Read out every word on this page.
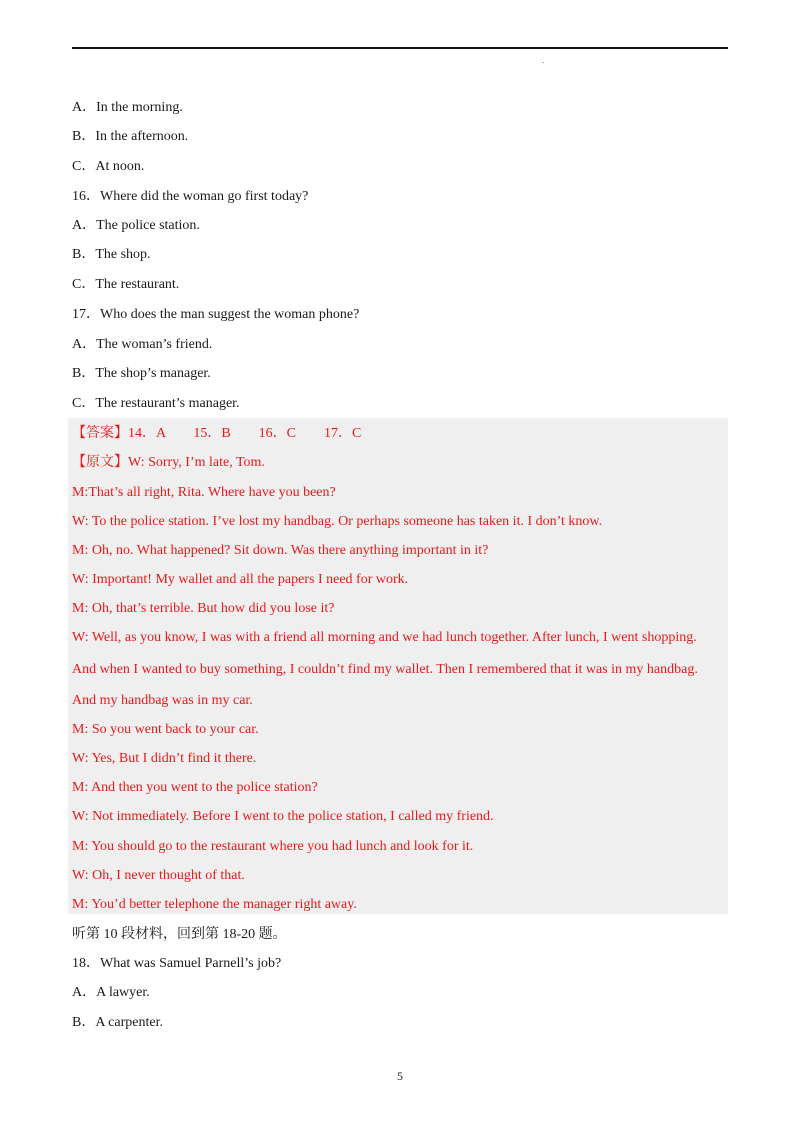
.
A．In the morning.
B．In the afternoon.
C．At noon.
16．Where did the woman go first today?
A．The police station.
B．The shop.
C．The restaurant.
17．Who does the man suggest the woman phone?
A．The woman’s friend.
B．The shop’s manager.
C．The restaurant’s manager.
【答案】14．A　　15．B　　16．C　　17．C
【原文】W: Sorry, I’m late, Tom.
M:That’s all right, Rita. Where have you been?
W: To the police station. I’ve lost my handbag. Or perhaps someone has taken it. I don’t know.
M: Oh, no. What happened? Sit down. Was there anything important in it?
W: Important! My wallet and all the papers I need for work.
M: Oh, that’s terrible. But how did you lose it?
W: Well, as you know, I was with a friend all morning and we had lunch together. After lunch, I went shopping.
And when I wanted to buy something, I couldn’t find my wallet. Then I remembered that it was in my handbag.
And my handbag was in my car.
M: So you went back to your car.
W: Yes, But I didn’t find it there.
M: And then you went to the police station?
W: Not immediately. Before I went to the police station, I called my friend.
M: You should go to the restaurant where you had lunch and look for it.
W: Oh, I never thought of that.
M: You’d better telephone the manager right away.
听第 10 段材料，回到第 18-20 题。
18．What was Samuel Parnell’s job?
A．A lawyer.
B．A carpenter.
5
